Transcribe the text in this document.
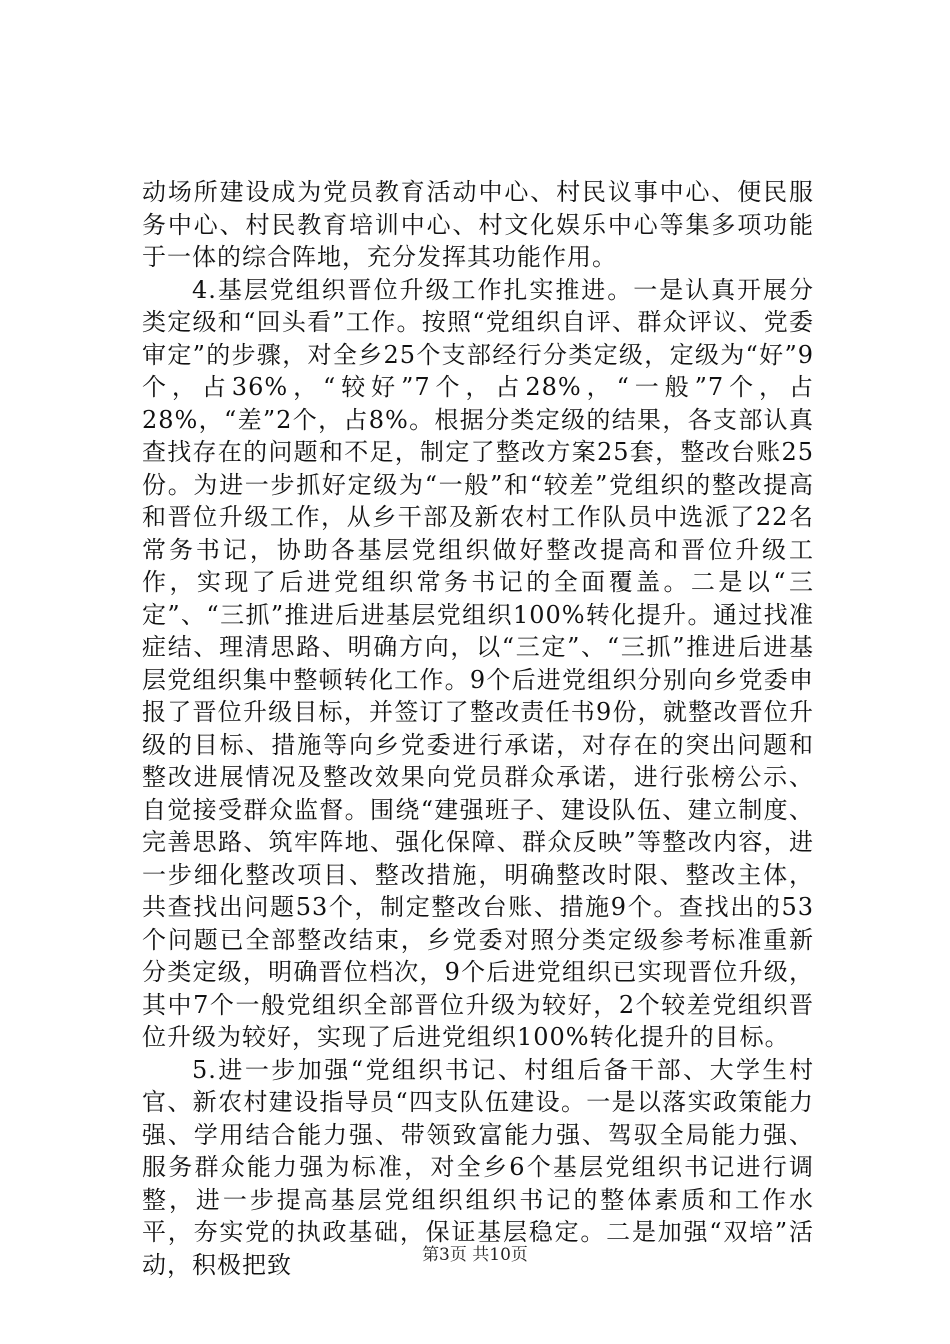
动场所建设成为党员教育活动中心、村民议事中心、便民服务中心、村民教育培训中心、村文化娱乐中心等集多项功能于一体的综合阵地，充分发挥其功能作用。

4.基层党组织晋位升级工作扎实推进。一是认真开展分类定级和“回头看”工作。按照“党组织自评、群众评议、党委审定”的步骤，对全乡25个支部经行分类定级，定级为“好”9个，占36%，“较好”7个，占28%，“一般”7个，占28%，“差”2个，占8%。根据分类定级的结果，各支部认真查找存在的问题和不足，制定了整改方案25套，整改台账25份。为进一步抓好定级为“一般”和“较差”党组织的整改提高和晋位升级工作，从乡干部及新农村工作队员中选派了22名常务书记，协助各基层党组织做好整改提高和晋位升级工作，实现了后进党组织常务书记的全面覆盖。二是以“三定”、“三抓”推进后进基层党组织100%转化提升。通过找准症结、理清思路、明确方向，以“三定”、“三抓”推进后进基层党组织集中整顿转化工作。9个后进党组织分别向乡党委申报了晋位升级目标，并签订了整改责任书9份，就整改晋位升级的目标、措施等向乡党委进行承诺，对存在的突出问题和整改进展情况及整改效果向党员群众承诺，进行张榜公示、自觉接受群众监督。围绕“建强班子、建设队伍、建立制度、完善思路、筑牢阵地、强化保障、群众反映”等整改内容，进一步细化整改项目、整改措施，明确整改时限、整改主体，共查找出问题53个，制定整改台账、措施9个。查找出的53个问题已全部整改结束，乡党委对照分类定级参考标准重新分类定级，明确晋位档次，9个后进党组织已实现晋位升级，其中7个一般党组织全部晋位升级为较好，2个较差党组织晋位升级为较好，实现了后进党组织100%转化提升的目标。

5.进一步加强“党组织书记、村组后备干部、大学生村官、新农村建设指导员“四支队伍建设。一是以落实政策能力强、学用结合能力强、带领致富能力强、驾驭全局能力强、服务群众能力强为标准，对全乡6个基层党组织书记进行调整，进一步提高基层党组织组织书记的整体素质和工作水平，夯实党的执政基础，保证基层稳定。二是加强“双培”活动，积极把致	第3页 共10页
